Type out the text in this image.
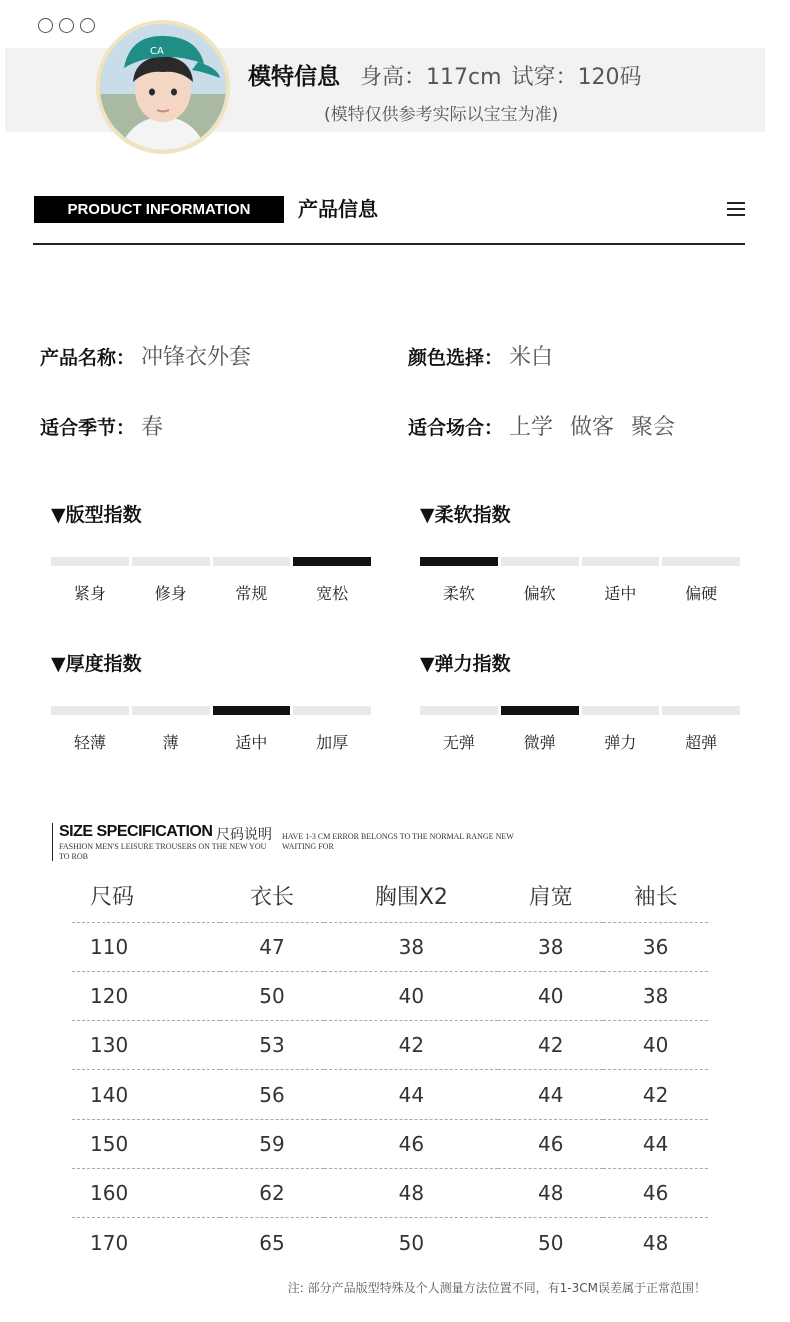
CA
模特信息 身高： 117cm 试穿： 120码
(模特仅供参考实际以宝宝为准)
PRODUCT INFORMATION	产品信息
产品名称： 冲锋衣外套	颜色选择： 米白
适合季节： 春	适合场合： 上学 做客 聚会
▼版型指数
紧身	修身	常规	宽松
▼柔软指数
柔软	偏软	适中	偏硬
▼厚度指数
轻薄	薄	适中	加厚
▼弹力指数
无弹	微弹	弹力	超弹
SIZE SPECIFICATION 尺码说明
FASHION MEN'S LEISURE TROUSERS ON THE NEW YOU TO ROB
HAVE 1-3 CM ERROR BELONGS TO THE NORMAL RANGE NEW WAITING FOR
尺码	衣长	胸围X2	肩宽	袖长
110	47	38	38	36
120	50	40	40	38
130	53	42	42	40
140	56	44	44	42
150	59	46	46	44
160	62	48	48	46
170	65	50	50	48
注: 部分产品版型特殊及个人测量方法位置不同，有1-3CM误差属于正常范围！
